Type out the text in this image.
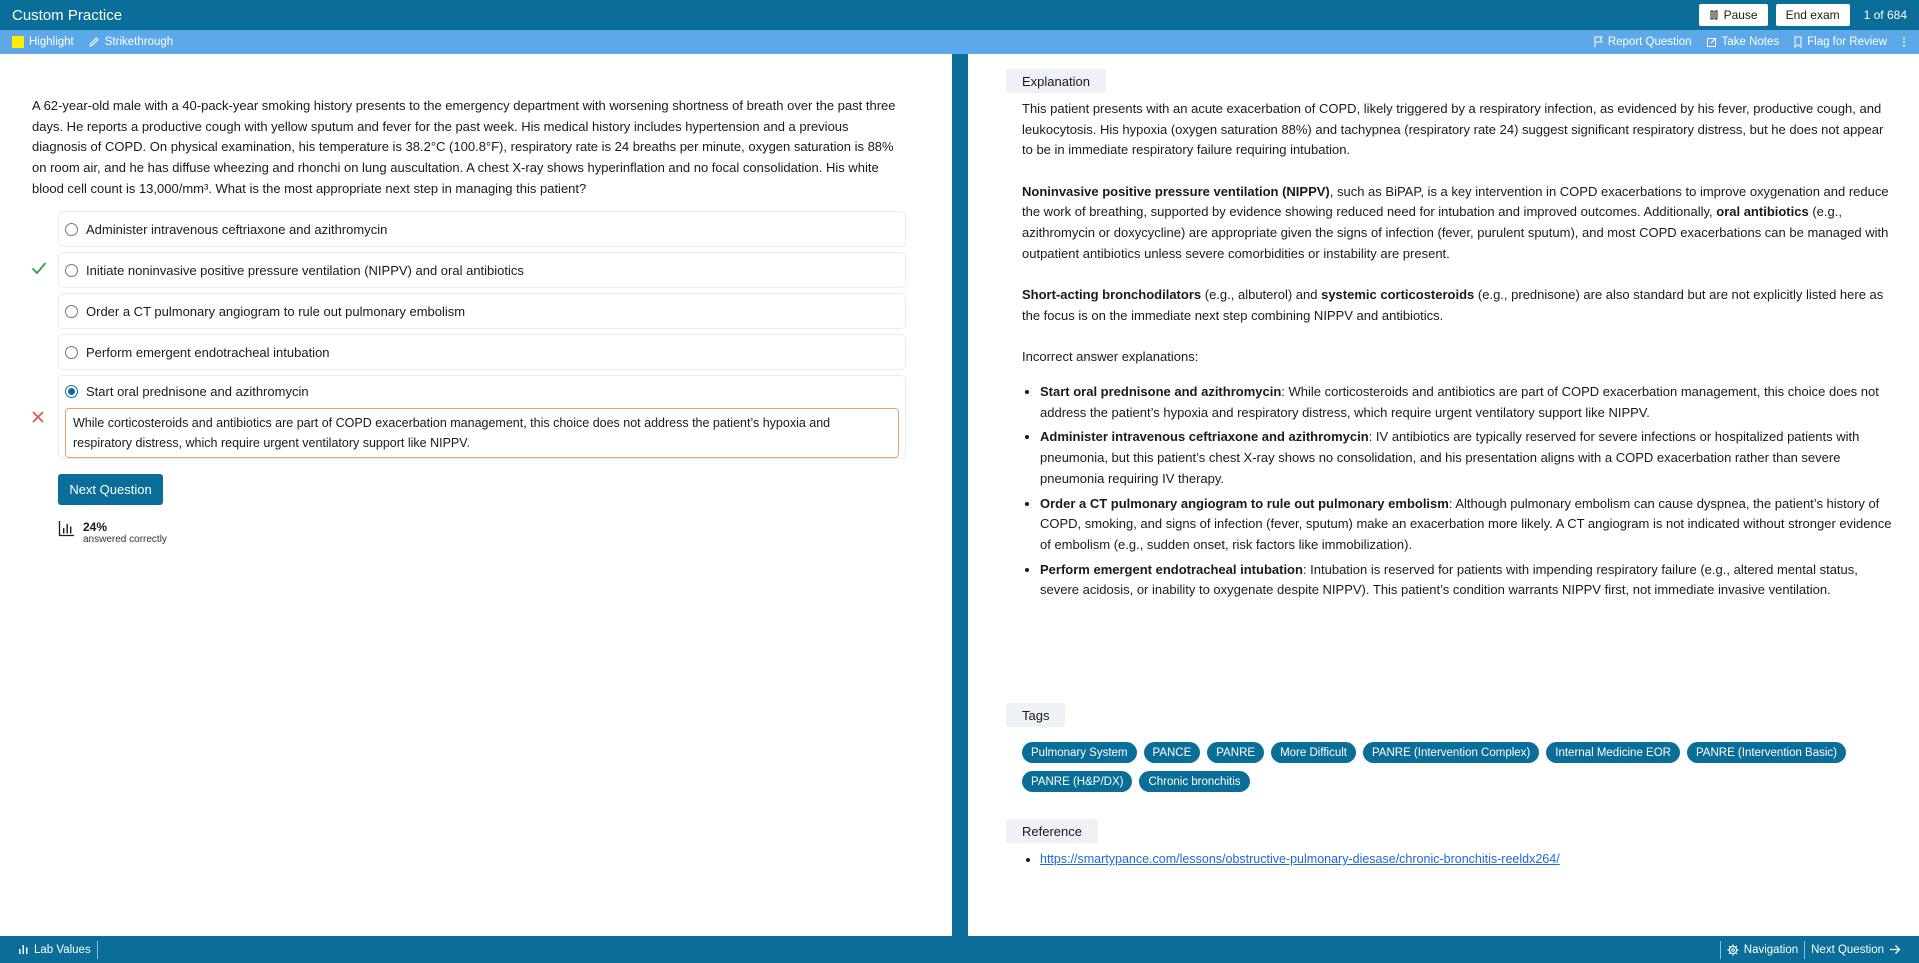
Custom Practice	Pause	End exam	1 of 684
Highlight	Strikethrough	Report Question	Take Notes Flag for Review
A 62-year-old male with a 40-pack-year smoking history presents to the emergency department with worsening shortness of breath over the past three days. He reports a productive cough with yellow sputum and fever for the past week. His medical history includes hypertension and a previous diagnosis of COPD. On physical examination, his temperature is 38.2°C (100.8°F), respiratory rate is 24 breaths per minute, oxygen saturation is 88% on room air, and he has diffuse wheezing and rhonchi on lung auscultation. A chest X-ray shows hyperinflation and no focal consolidation. His white blood cell count is 13,000/mm³. What is the most appropriate next step in managing this patient?
Administer intravenous ceftriaxone and azithromycin
Initiate noninvasive positive pressure ventilation (NIPPV) and oral antibiotics
Order a CT pulmonary angiogram to rule out pulmonary embolism
Perform emergent endotracheal intubation
Start oral prednisone and azithromycin
While corticosteroids and antibiotics are part of COPD exacerbation management, this choice does not address the patient’s hypoxia and respiratory distress, which require urgent ventilatory support like NIPPV.
Next Question
24%
answered correctly
Explanation

This patient presents with an acute exacerbation of COPD, likely triggered by a respiratory infection, as evidenced by his fever, productive cough, and leukocytosis. His hypoxia (oxygen saturation 88%) and tachypnea (respiratory rate 24) suggest significant respiratory distress, but he does not appear to be in immediate respiratory failure requiring intubation.

Noninvasive positive pressure ventilation (NIPPV), such as BiPAP, is a key intervention in COPD exacerbations to improve oxygenation and reduce the work of breathing, supported by evidence showing reduced need for intubation and improved outcomes. Additionally, oral antibiotics (e.g., azithromycin or doxycycline) are appropriate given the signs of infection (fever, purulent sputum), and most COPD exacerbations can be managed with outpatient antibiotics unless severe comorbidities or instability are present.

Short-acting bronchodilators (e.g., albuterol) and systemic corticosteroids (e.g., prednisone) are also standard but are not explicitly listed here as the focus is on the immediate next step combining NIPPV and antibiotics.

Incorrect answer explanations:

• Start oral prednisone and azithromycin: While corticosteroids and antibiotics are part of COPD exacerbation management, this choice does not address the patient’s hypoxia and respiratory distress, which require urgent ventilatory support like NIPPV.
• Administer intravenous ceftriaxone and azithromycin: IV antibiotics are typically reserved for severe infections or hospitalized patients with pneumonia, but this patient’s chest X-ray shows no consolidation, and his presentation aligns with a COPD exacerbation rather than severe pneumonia requiring IV therapy.
• Order a CT pulmonary angiogram to rule out pulmonary embolism: Although pulmonary embolism can cause dyspnea, the patient’s history of COPD, smoking, and signs of infection (fever, sputum) make an exacerbation more likely. A CT angiogram is not indicated without stronger evidence of embolism (e.g., sudden onset, risk factors like immobilization).
• Perform emergent endotracheal intubation: Intubation is reserved for patients with impending respiratory failure (e.g., altered mental status, severe acidosis, or inability to oxygenate despite NIPPV). This patient’s condition warrants NIPPV first, not immediate invasive ventilation.
Tags
Pulmonary System	PANCE	PANRE	More Difficult	PANRE (Intervention Complex)	Internal Medicine EOR	PANRE (Intervention Basic)
PANRE (H&P/DX)	Chronic bronchitis
Reference
• https://smartypance.com/lessons/obstructive-pulmonary-diesase/chronic-bronchitis-reeldx264/
Lab Values	Navigation Next Question
